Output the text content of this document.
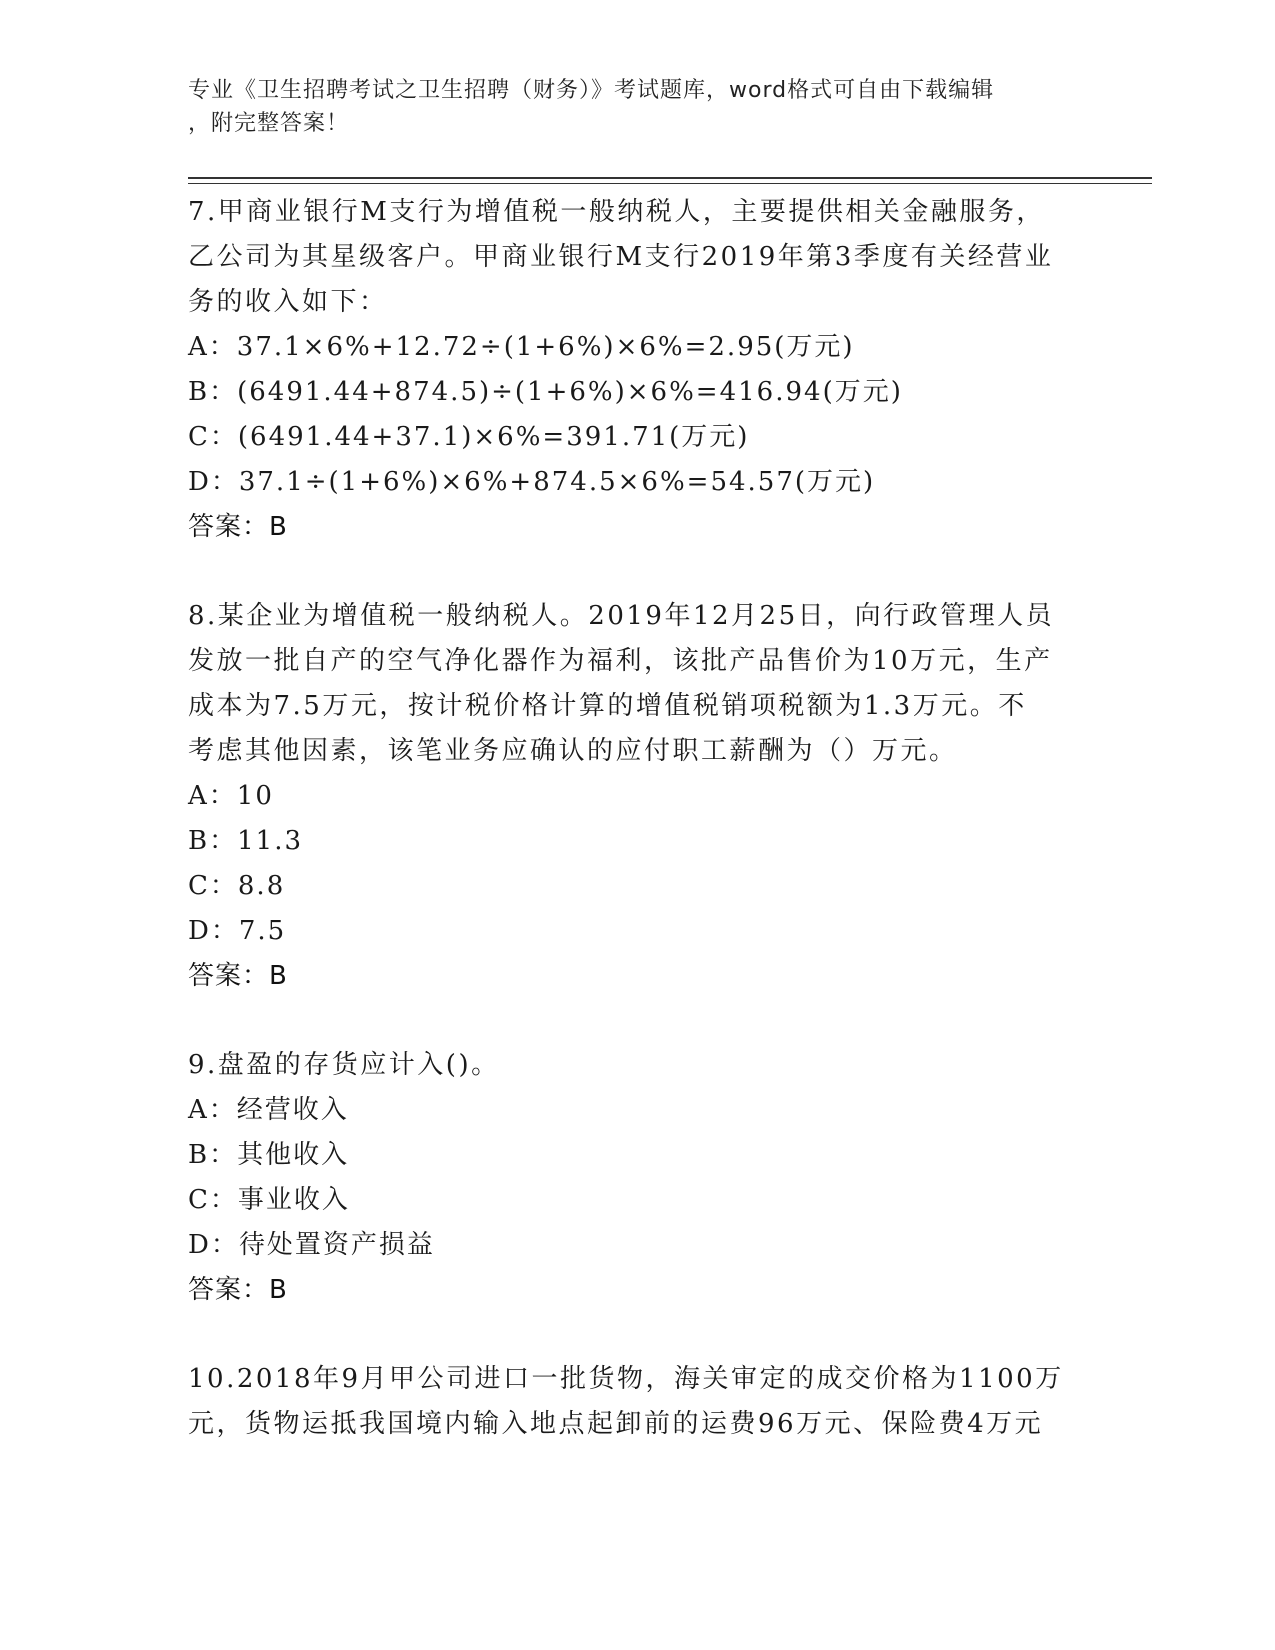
专业《卫生招聘考试之卫生招聘（财务）》考试题库，word格式可自由下载编辑
，附完整答案！
7.甲商业银行M支行为增值税一般纳税人，主要提供相关金融服务，
乙公司为其星级客户。甲商业银行M支行2019年第3季度有关经营业
务的收入如下：
A：37.1×6%+12.72÷(1+6%)×6%=2.95(万元)
B：(6491.44+874.5)÷(1+6%)×6%=416.94(万元)
C：(6491.44+37.1)×6%=391.71(万元)
D：37.1÷(1+6%)×6%+874.5×6%=54.57(万元)
答案：B
8.某企业为增值税一般纳税人。2019年12月25日，向行政管理人员
发放一批自产的空气净化器作为福利，该批产品售价为10万元，生产
成本为7.5万元，按计税价格计算的增值税销项税额为1.3万元。不
考虑其他因素，该笔业务应确认的应付职工薪酬为（）万元。
A：10
B：11.3
C：8.8
D：7.5
答案：B
9.盘盈的存货应计入()。
A：经营收入
B：其他收入
C：事业收入
D：待处置资产损益
答案：B
10.2018年9月甲公司进口一批货物，海关审定的成交价格为1100万
元，货物运抵我国境内输入地点起卸前的运费96万元、保险费4万元
